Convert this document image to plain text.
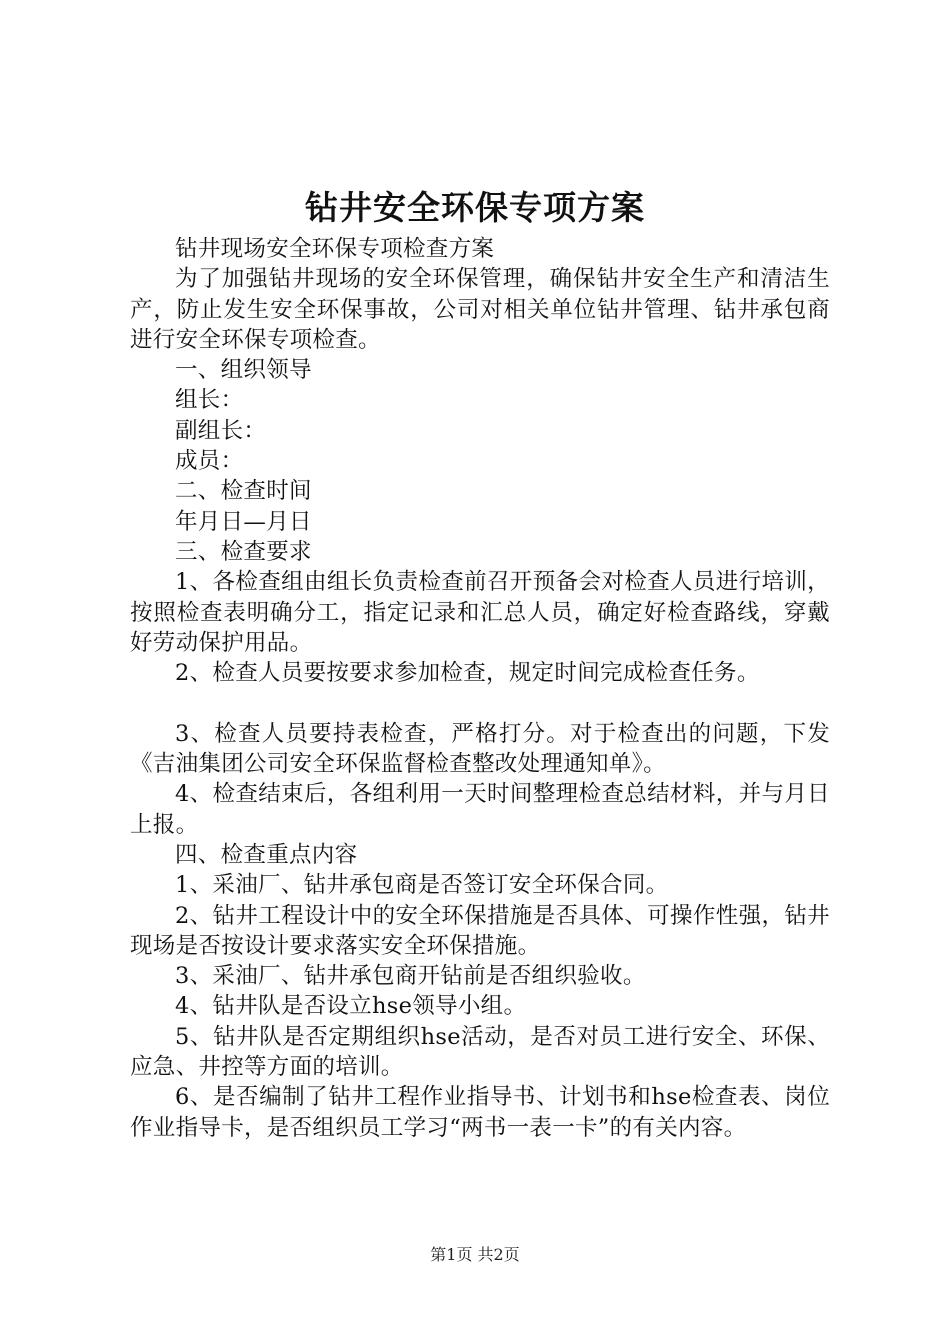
钻井安全环保专项方案

钻井现场安全环保专项检查方案

为了加强钻井现场的安全环保管理，确保钻井安全生产和清洁生产，防止发生安全环保事故，公司对相关单位钻井管理、钻井承包商进行安全环保专项检查。

一、组织领导

组长：

副组长：

成员：

二、检查时间

年月日—月日

三、检查要求

1、各检查组由组长负责检查前召开预备会对检查人员进行培训，按照检查表明确分工，指定记录和汇总人员，确定好检查路线，穿戴好劳动保护用品。

2、检查人员要按要求参加检查，规定时间完成检查任务。

3、检查人员要持表检查，严格打分。对于检查出的问题，下发《吉油集团公司安全环保监督检查整改处理通知单》。

4、检查结束后，各组利用一天时间整理检查总结材料，并与月日上报。

四、检查重点内容

1、采油厂、钻井承包商是否签订安全环保合同。

2、钻井工程设计中的安全环保措施是否具体、可操作性强，钻井现场是否按设计要求落实安全环保措施。

3、采油厂、钻井承包商开钻前是否组织验收。

4、钻井队是否设立hse领导小组。

5、钻井队是否定期组织hse活动，是否对员工进行安全、环保、应急、井控等方面的培训。

6、是否编制了钻井工程作业指导书、计划书和hse检查表、岗位作业指导卡，是否组织员工学习“两书一表一卡”的有关内容。

第1页 共2页
